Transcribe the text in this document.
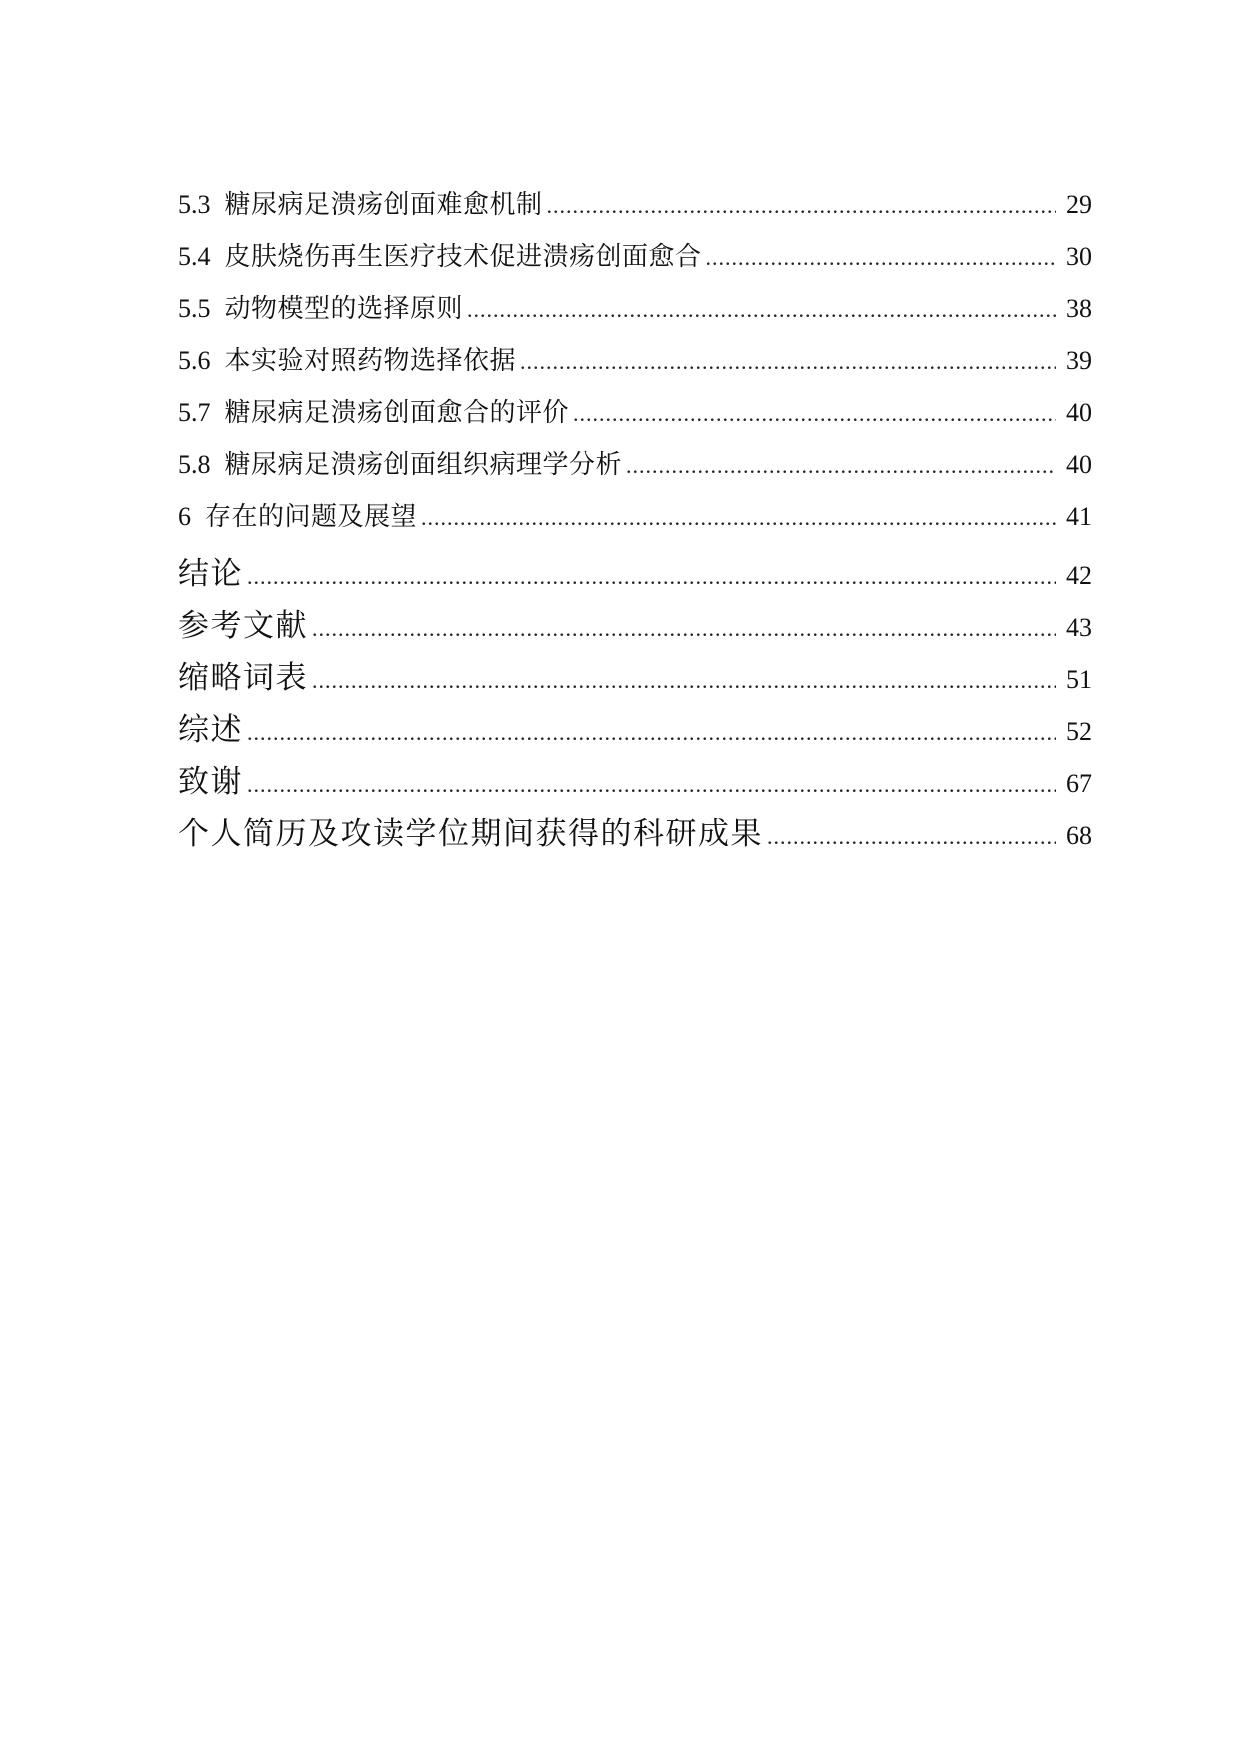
5.3 糖尿病足溃疡创面难愈机制 .....	29
5.4 皮肤烧伤再生医疗技术促进溃疡创面愈合 .....	30
5.5 动物模型的选择原则 .....	38
5.6 本实验对照药物选择依据 .....	39
5.7 糖尿病足溃疡创面愈合的评价 .....	40
5.8 糖尿病足溃疡创面组织病理学分析 .....	40
6 存在的问题及展望 .....	41
结论 .....	42
参考文献 .....	43
缩略词表 .....	51
综述 .....	52
致谢 .....	67
个人简历及攻读学位期间获得的科研成果 .....	68
